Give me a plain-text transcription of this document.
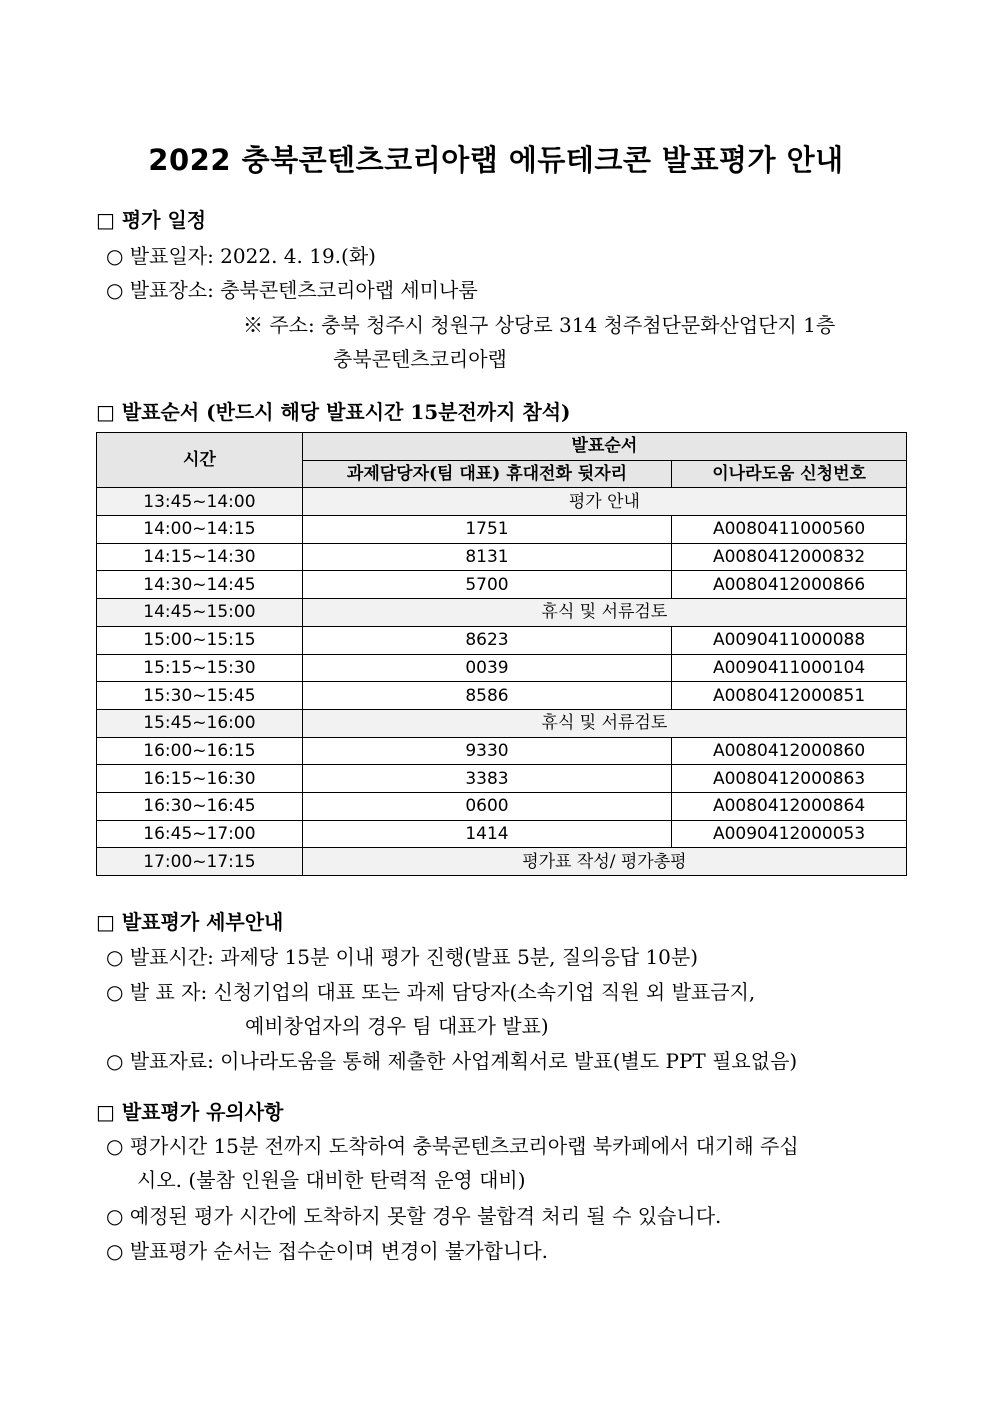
2022 충북콘텐츠코리아랩 에듀테크콘 발표평가 안내
□ 평가 일정
○ 발표일자: 2022. 4. 19.(화)
○ 발표장소: 충북콘텐츠코리아랩 세미나룸
※ 주소: 충북 청주시 청원구 상당로 314 청주첨단문화산업단지 1층
충북콘텐츠코리아랩
□ 발표순서 (반드시 해당 발표시간 15분전까지 참석)
시간	발표순서	
	과제담당자(팀 대표) 휴대전화 뒷자리	이나라도움 신청번호
13:45~14:00	평가 안내	
14:00~14:15	1751	A0080411000560
14:15~14:30	8131	A0080412000832
14:30~14:45	5700	A0080412000866
14:45~15:00	휴식 및 서류검토	
15:00~15:15	8623	A0090411000088
15:15~15:30	0039	A0090411000104
15:30~15:45	8586	A0080412000851
15:45~16:00	휴식 및 서류검토	
16:00~16:15	9330	A0080412000860
16:15~16:30	3383	A0080412000863
16:30~16:45	0600	A0080412000864
16:45~17:00	1414	A0090412000053
17:00~17:15	평가표 작성/ 평가총평	
□ 발표평가 세부안내
○ 발표시간: 과제당 15분 이내 평가 진행(발표 5분, 질의응답 10분)
○ 발 표 자: 신청기업의 대표 또는 과제 담당자(소속기업 직원 외 발표금지,
예비창업자의 경우 팀 대표가 발표)
○ 발표자료: 이나라도움을 통해 제출한 사업계획서로 발표(별도 PPT 필요없음)
□ 발표평가 유의사항
○ 평가시간 15분 전까지 도착하여 충북콘텐츠코리아랩 북카페에서 대기해 주십
시오. (불참 인원을 대비한 탄력적 운영 대비)
○ 예정된 평가 시간에 도착하지 못할 경우 불합격 처리 될 수 있습니다.
○ 발표평가 순서는 접수순이며 변경이 불가합니다.
